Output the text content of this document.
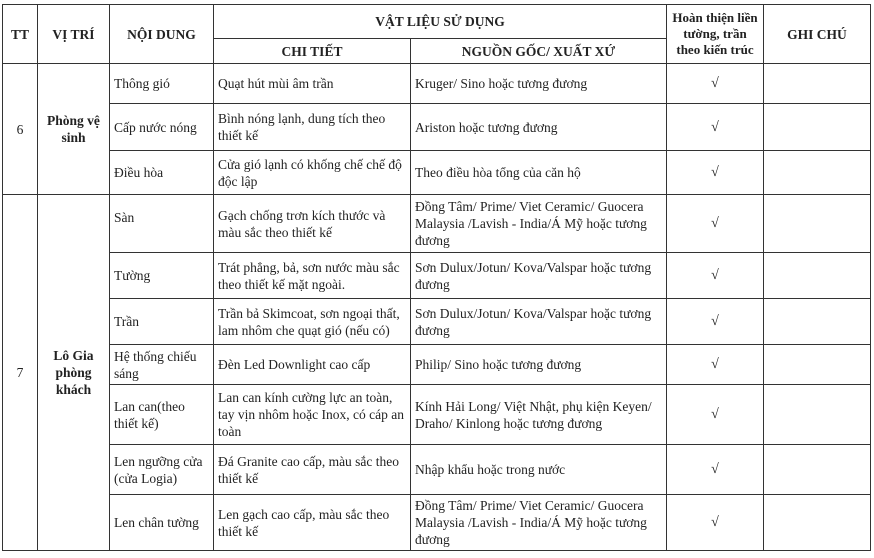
TT	VỊ TRÍ	NỘI DUNG	VẬT LIỆU SỬ DỤNG		Hoàn thiện liền tường, trần theo kiến trúc	GHI CHÚ
			CHI TIẾT	NGUỒN GỐC/ XUẤT XỨ		
6	Phòng vệ sinh	Thông gió	Quạt hút mùi âm trần	Kruger/ Sino hoặc tương đương	√	
		Cấp nước nóng	Bình nóng lạnh, dung tích theo thiết kế	Ariston hoặc tương đương	√	
		Điều hòa	Cửa gió lạnh có khống chế chế độ độc lập	Theo điều hòa tổng của căn hộ	√	
7	Lô Gia phòng khách	Sàn	Gạch chống trơn kích thước và màu sắc theo thiết kế	Đồng Tâm/ Prime/ Viet Ceramic/ Guocera Malaysia /Lavish - India/Á Mỹ hoặc tương đương	√	
		Tường	Trát phẳng, bả, sơn nước màu sắc theo thiết kế mặt ngoài.	Sơn Dulux/Jotun/ Kova/Valspar hoặc tương đương	√	
		Trần	Trần bả Skimcoat, sơn ngoại thất, lam nhôm che quạt gió (nếu có)	Sơn Dulux/Jotun/ Kova/Valspar hoặc tương đương	√	
		Hệ thống chiếu sáng	Đèn Led Downlight cao cấp	Philip/ Sino hoặc tương đương	√	
		Lan can(theo thiết kế)	Lan can kính cường lực an toàn, tay vịn nhôm hoặc Inox, có cáp an toàn	Kính Hải Long/ Việt Nhật, phụ kiện Keyen/ Draho/ Kinlong hoặc tương đương	√	
		Len ngưỡng cửa (cửa Logia)	Đá Granite cao cấp, màu sắc theo thiết kế	Nhập khẩu hoặc trong nước	√	
		Len chân tường	Len gạch cao cấp, màu sắc theo thiết kế	Đồng Tâm/ Prime/ Viet Ceramic/ Guocera Malaysia /Lavish - India/Á Mỹ hoặc tương đương	√	
